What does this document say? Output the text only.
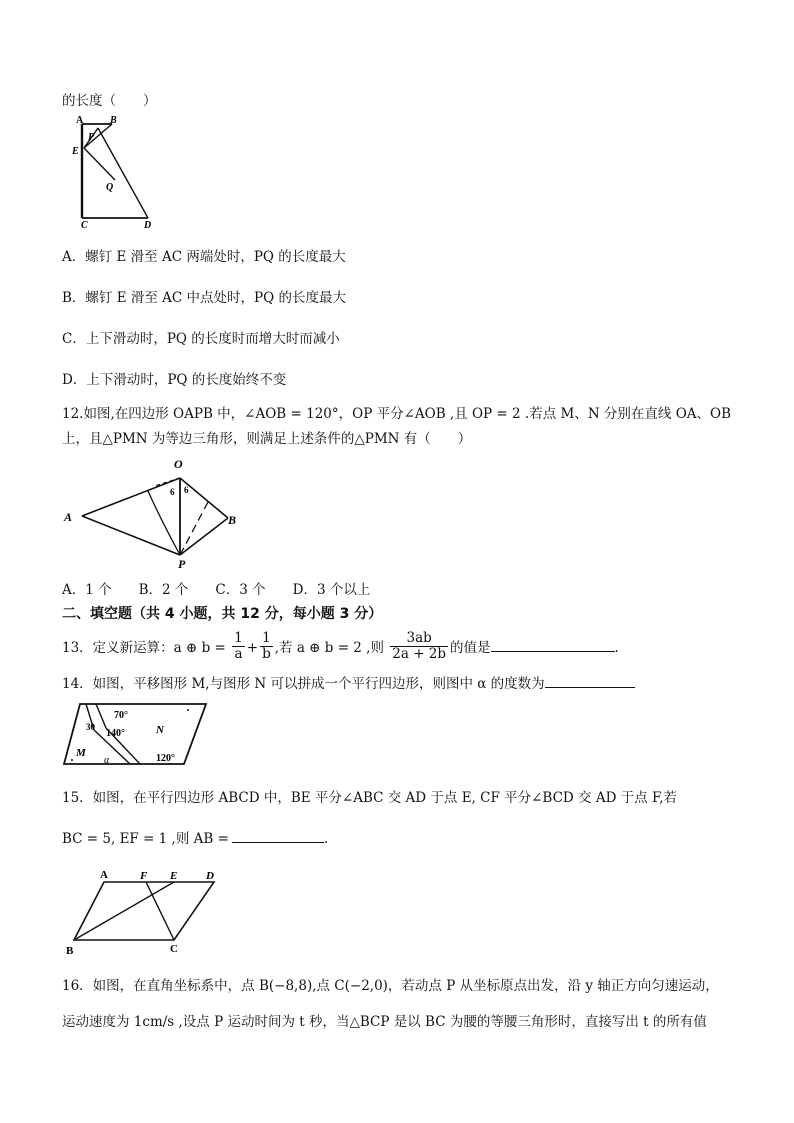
的长度（　　）
A	B
P
E
Q
C	D
A．螺钉 E 滑至 AC 两端处时，PQ 的长度最大
B．螺钉 E 滑至 AC 中点处时，PQ 的长度最大
C．上下滑动时，PQ 的长度时而增大时而减小
D．上下滑动时，PQ 的长度始终不变
12.如图,在四边形 OAPB 中，∠AOB = 120°，OP 平分∠AOB ,且 OP = 2 .若点 M、N 分别在直线 OA、OB
上，且△PMN 为等边三角形，则满足上述条件的△PMN 有（　　）
O
A	B
P
6 6
A．1 个　　B．2 个　　C．3 个　　D．3 个以上
二、填空题（共 4 小题，共 12 分，每小题 3 分）
13．定义新运算：a ⊕ $b = \frac{1}{a} + \frac{1}{b}$ ,若 a ⊕ b = 2 ,则 $\frac{3ab}{2a + 2b}$ 的值是	.
14．如图，平移图形 M,与图形 N 可以拼成一个平行四边形，则图中 α 的度数为
70°
30
140°	N
M
α	120°
15．如图，在平行四边形 ABCD 中，BE 平分∠ABC 交 AD 于点 E, CF 平分∠BCD 交 AD 于点 F,若
BC = 5, EF = 1 ,则 AB =	.
A	F E	D
B	C
16．如图，在直角坐标系中，点 B(−8,8),点 C(−2,0)，若动点 P 从坐标原点出发，沿 y 轴正方向匀速运动，
运动速度为 1cm/s ,设点 P 运动时间为 t 秒，当△BCP 是以 BC 为腰的等腰三角形时，直接写出 t 的所有值
